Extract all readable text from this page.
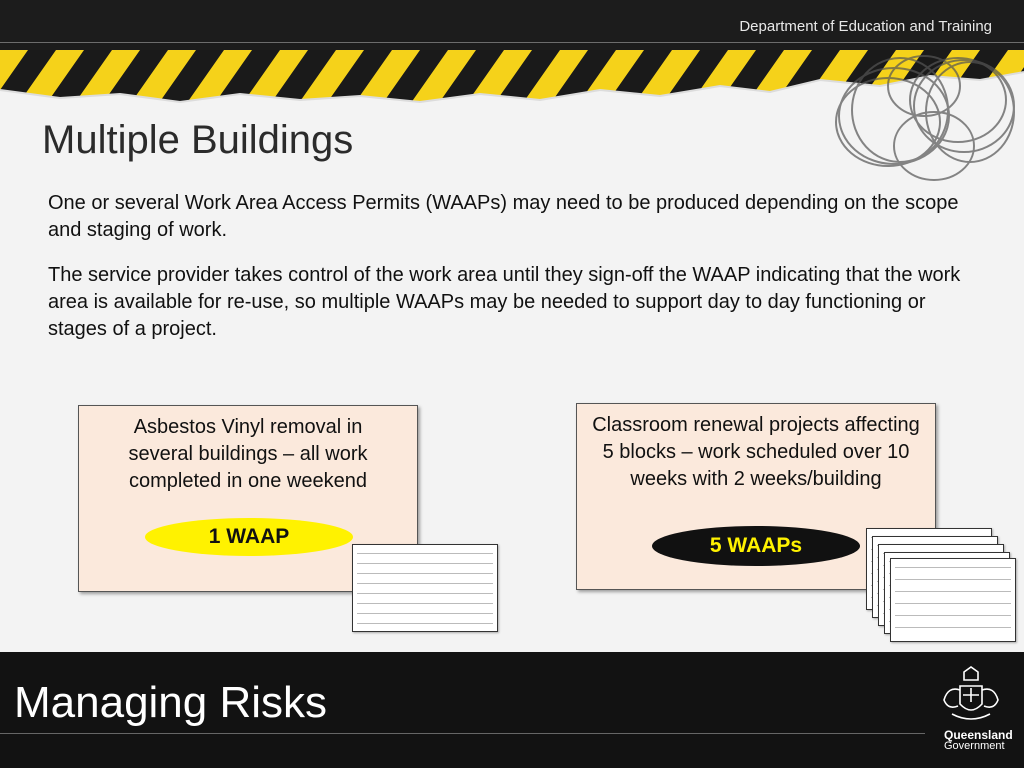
Department of Education and Training
Multiple Buildings
One or several Work Area Access Permits (WAAPs) may need to be produced depending on the scope and staging of work.
The service provider takes control of the work area until they sign-off the WAAP indicating that the work area is available for re-use, so multiple WAAPs may be needed to support day to day functioning or stages of a project.
Asbestos Vinyl removal in several buildings – all work completed in one weekend
1 WAAP
Classroom renewal projects affecting 5 blocks – work scheduled over 10 weeks with 2 weeks/building
5 WAAPs
Managing Risks
Queensland
Government
